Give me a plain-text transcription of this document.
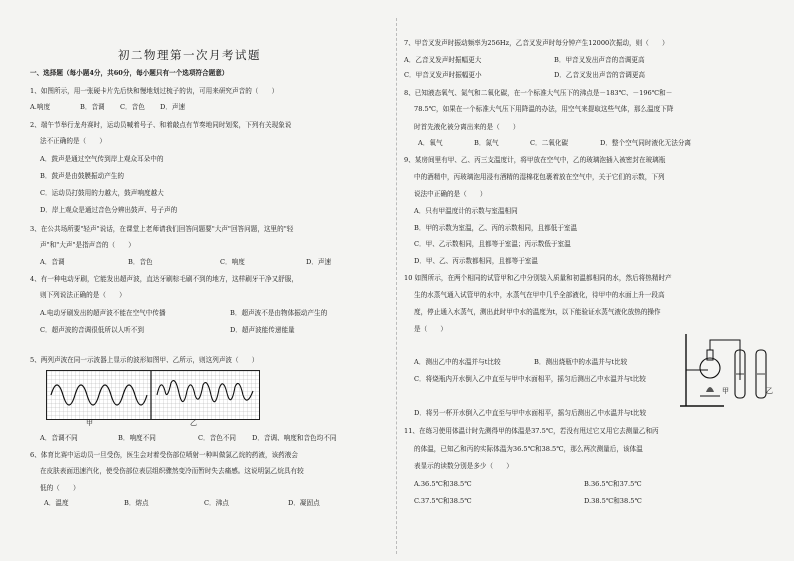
初二物理第一次月考试题
一、选择题（每小题4分，共60分，每小题只有一个选项符合题意）
1、如图所示，用一张硬卡片先后快和慢地划过梳子的齿，可用来研究声音的（　　）
A.响度	B．音调 C．音色 D．声速
2、端午节举行龙舟赛时，运动员喊着号子、和着敲点有节奏地同时划桨，下列有关现象说
法不正确的是（　　）
A．鼓声是通过空气传到岸上观众耳朵中的
B．鼓声是由鼓膜振动产生的
C．运动员打鼓用的力越大，鼓声响度越大
D．岸上观众是通过音色分辨出鼓声、号子声的
3、在公共场所要"轻声"说话，在课堂上老师请我们回答问题要"大声"回答问题，这里的"轻
声"和"大声"是指声音的（　　）
A．音调	B．音色	C．响度	D．声速
4、有一种电动牙刷，它能发出超声波，直达牙刷棕毛刷不到的地方，这样刷牙干净又舒服，
则下列说法正确的是（　　）
A.电动牙刷发出的超声波不能在空气中传播	B．超声波不是由物体振动产生的
C．超声波的音调很低所以人听不到	D．超声波能传递能量
5、两列声波在同一示波器上显示的波形如图甲、乙所示，则这列声波（　　）
甲	乙
A．音调不同	B．响度不同	C．音色不同 D．音调、响度和音色均不同
6、体育比赛中运动员一旦受伤，医生会对着受伤部位喷射一种叫做氯乙烷的药液，该药液会
在皮肤表面迅速汽化，使受伤部位表层组织骤然变冷而暂时失去痛感。这说明氯乙烷具有较
低的（　　）
A．温度	B．熔点	C．沸点	D．凝固点
7、甲音叉发声时振动频率为256Hz，乙音叉发声时每分钟产生12000次振动，则（　　）
A．乙音叉发声时振幅更大	B．甲音叉发出声音的音调更高
C．甲音叉发声时振幅更小	D．乙音叉发出声音的音调更高
8、已知液态氧气、氮气和二氧化碳，在一个标准大气压下的沸点是－183℃、－196℃和－
78.5℃，如果在一个标准大气压下用降温的办法，用空气来提取这些气体，那么温度下降
时首先液化被分离出来的是（　　）
A．氧气	B．氮气	C．二氧化碳	D．整个空气同时液化无法分离
9、某房间里有甲、乙、丙三支温度计，将甲放在空气中，乙的玻璃泡插入被密封在玻璃瓶
中的酒精中，丙玻璃泡用浸有酒精的湿棉花包裹着放在空气中，关于它们的示数，下列
说法中正确的是（　　）
A．只有甲温度计的示数与室温相同
B．甲的示数为室温，乙、丙的示数相同，且都低于室温
C．甲、乙示数相同，且都等于室温；丙示数低于室温
D．甲、乙、丙示数都相同，且都等于室温
10 如图所示，在两个相同的试管甲和乙中分别装入质量和初温都相同的水，然后将热精时产
生的水蒸气通入试管甲的水中，水蒸气在甲中几乎全部液化，待甲中的水面上升一段高
度，停止通入水蒸气，测出此时甲中水的温度为t，以下能验证水蒸气液化放热的操作
是（　　）
甲	乙
A．测出乙中的水温并与t比较	B．测出烧瓶中的水温并与t比较
C．将烧瓶内开水倒入乙中直至与甲中水面相平，摇匀后测出乙中水温并与t比较
D．将另一杯开水倒入乙中直至与甲中水面相平，摇匀后测出乙中水温并与t比较
11、在练习使用体温计时先测得甲的体温是37.5℃，若没有甩过它又用它去测量乙和丙
的体温，已知乙和丙的实际体温为36.5℃和38.5℃，那么两次测量后，该体温
表显示的读数分别是多少（　　）
A.36.5℃和38.5℃	B.36.5℃和37.5℃
C.37.5℃和38.5℃	D.38.5℃和38.5℃
